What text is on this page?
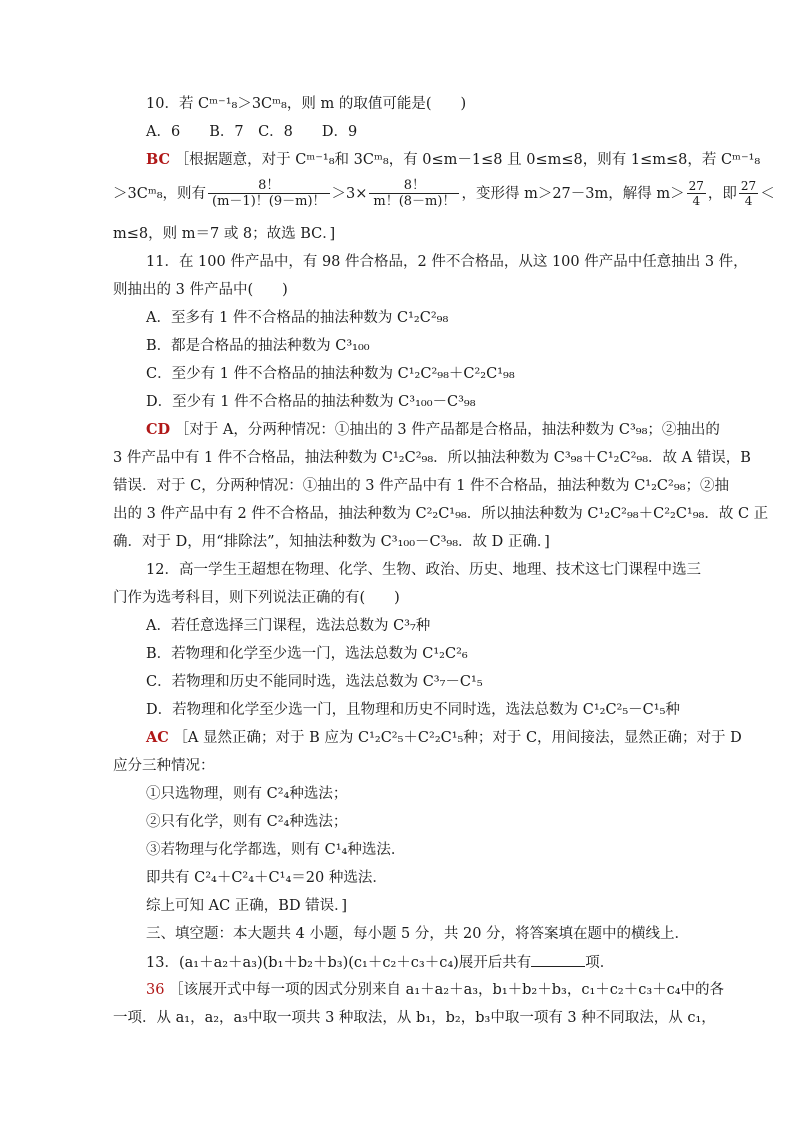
10．若 Cᵐ⁻¹₈＞3Cᵐ₈，则 m 的取值可能是(　　)
A．6　　B．7　C．8　　D．9
BC ［根据题意，对于 Cᵐ⁻¹₈和 3Cᵐ₈，有 0≤m－1≤8 且 0≤m≤8，则有 1≤m≤8，若 Cᵐ⁻¹₈
＞3Cᵐ₈，则有 $\frac{8!}{(m-1)!(9-m)!} >3\times \frac{8!}{m!(8-m)!}$ ，变形得 m＞27－3m，解得 $m> \frac{27}{4}$ ，即 $\frac{27}{4}$ ＜
m≤8，则 m＝7 或 8；故选 BC．]
11．在 100 件产品中，有 98 件合格品，2 件不合格品，从这 100 件产品中任意抽出 3 件，
则抽出的 3 件产品中(　　)
A．至多有 1 件不合格品的抽法种数为 C¹₂C²₉₈
B．都是合格品的抽法种数为 C³₁₀₀
C．至少有 1 件不合格品的抽法种数为 C¹₂C²₉₈＋C²₂C¹₉₈
D．至少有 1 件不合格品的抽法种数为 C³₁₀₀－C³₉₈
CD ［对于 A，分两种情况：①抽出的 3 件产品都是合格品，抽法种数为 C³₉₈；②抽出的
3 件产品中有 1 件不合格品，抽法种数为 C¹₂C²₉₈．所以抽法种数为 C³₉₈＋C¹₂C²₉₈．故 A 错误，B
错误．对于 C，分两种情况：①抽出的 3 件产品中有 1 件不合格品，抽法种数为 C¹₂C²₉₈；②抽
出的 3 件产品中有 2 件不合格品，抽法种数为 C²₂C¹₉₈．所以抽法种数为 C¹₂C²₉₈＋C²₂C¹₉₈．故 C 正
确．对于 D，用“排除法”，知抽法种数为 C³₁₀₀－C³₉₈．故 D 正确．]
12．高一学生王超想在物理、化学、生物、政治、历史、地理、技术这七门课程中选三
门作为选考科目，则下列说法正确的有(　　)
A．若任意选择三门课程，选法总数为 C³₇种
B．若物理和化学至少选一门，选法总数为 C¹₂C²₆
C．若物理和历史不能同时选，选法总数为 C³₇－C¹₅
D．若物理和化学至少选一门，且物理和历史不同时选，选法总数为 C¹₂C²₅－C¹₅种
AC ［A 显然正确；对于 B 应为 C¹₂C²₅＋C²₂C¹₅种；对于 C，用间接法，显然正确；对于 D
应分三种情况：
①只选物理，则有 C²₄种选法；
②只有化学，则有 C²₄种选法；
③若物理与化学都选，则有 C¹₄种选法．
即共有 C²₄＋C²₄＋C¹₄＝20 种选法．
综上可知 AC 正确，BD 错误．]
三、填空题：本大题共 4 小题，每小题 5 分，共 20 分，将答案填在题中的横线上．
13．(a₁＋a₂＋a₃)(b₁＋b₂＋b₃)(c₁＋c₂＋c₃＋c₄)展开后共有	项．
36 ［该展开式中每一项的因式分别来自 a₁＋a₂＋a₃，b₁＋b₂＋b₃，c₁＋c₂＋c₃＋c₄中的各
一项．从 a₁，a₂，a₃中取一项共 3 种取法，从 b₁，b₂，b₃中取一项有 3 种不同取法，从 c₁，
